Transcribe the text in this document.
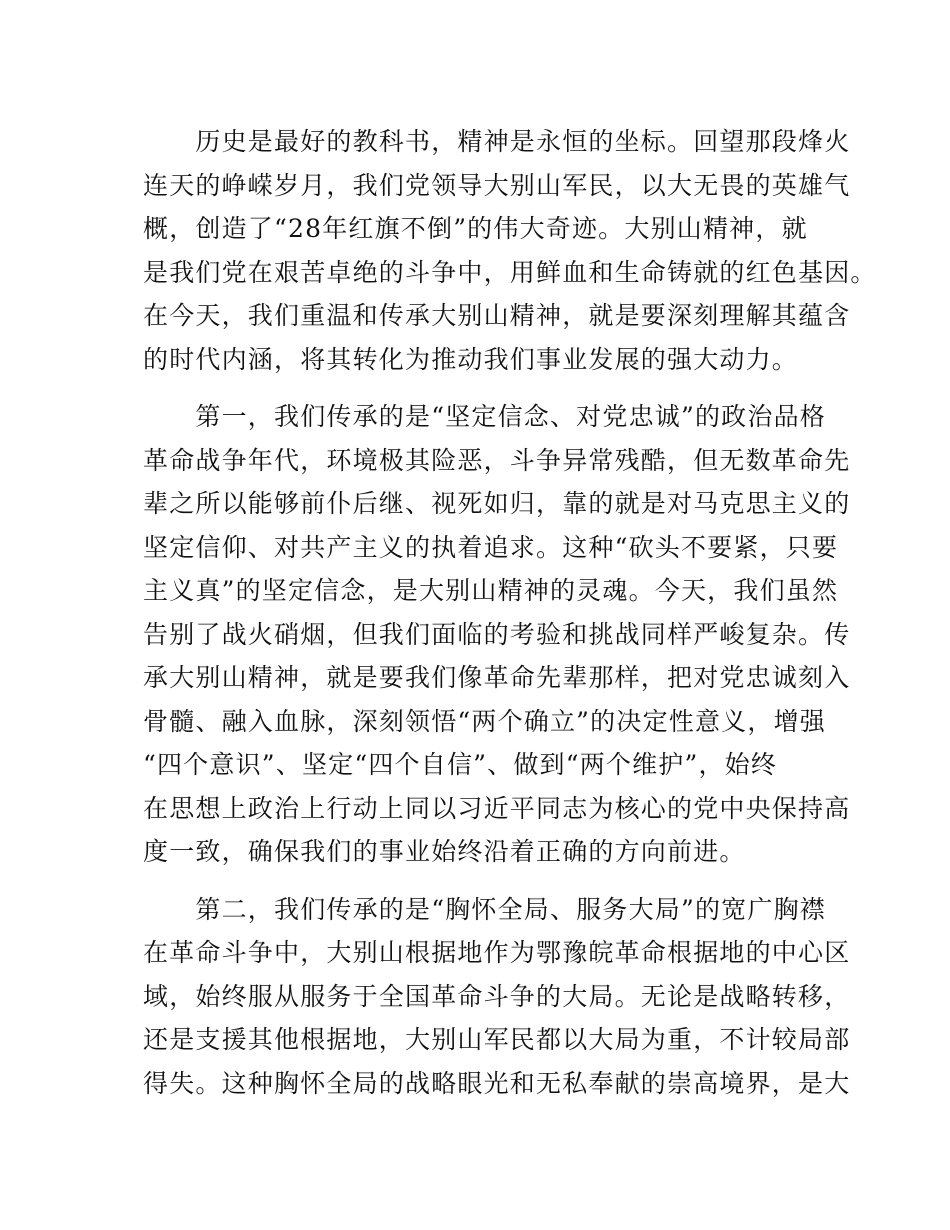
　　历史是最好的教科书，精神是永恒的坐标。回望那段烽火
连天的峥嵘岁月，我们党领导大别山军民，以大无畏的英雄气
概，创造了“28年红旗不倒”的伟大奇迹。大别山精神，就
是我们党在艰苦卓绝的斗争中，用鲜血和生命铸就的红色基因。
在今天，我们重温和传承大别山精神，就是要深刻理解其蕴含
的时代内涵，将其转化为推动我们事业发展的强大动力。
　　第一，我们传承的是“坚定信念、对党忠诚”的政治品格
革命战争年代，环境极其险恶，斗争异常残酷，但无数革命先
辈之所以能够前仆后继、视死如归，靠的就是对马克思主义的
坚定信仰、对共产主义的执着追求。这种“砍头不要紧，只要
主义真”的坚定信念，是大别山精神的灵魂。今天，我们虽然
告别了战火硝烟，但我们面临的考验和挑战同样严峻复杂。传
承大别山精神，就是要我们像革命先辈那样，把对党忠诚刻入
骨髓、融入血脉，深刻领悟“两个确立”的决定性意义，增强
“四个意识”、坚定“四个自信”、做到“两个维护”，始终
在思想上政治上行动上同以习近平同志为核心的党中央保持高
度一致，确保我们的事业始终沿着正确的方向前进。
　　第二，我们传承的是“胸怀全局、服务大局”的宽广胸襟
在革命斗争中，大别山根据地作为鄂豫皖革命根据地的中心区
域，始终服从服务于全国革命斗争的大局。无论是战略转移，
还是支援其他根据地，大别山军民都以大局为重，不计较局部
得失。这种胸怀全局的战略眼光和无私奉献的崇高境界，是大
